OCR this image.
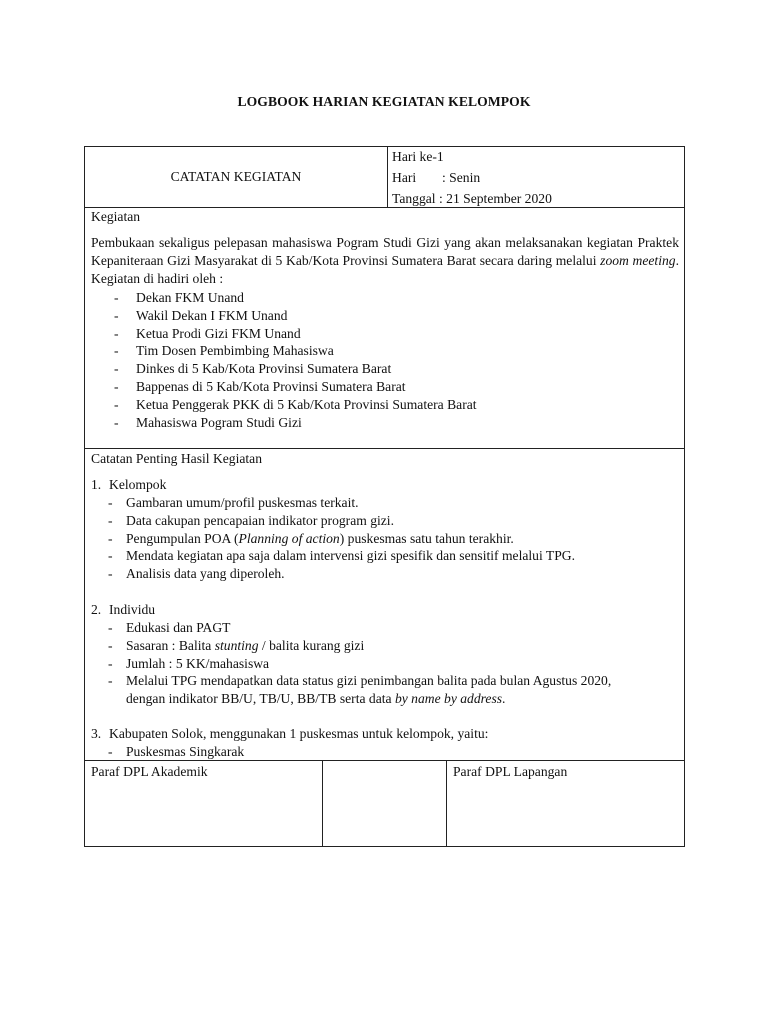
LOGBOOK HARIAN KEGIATAN KELOMPOK
CATATAN KEGIATAN
Hari ke-1
Hari : Senin
Tanggal : 21 September 2020
Kegiatan
Pembukaan sekaligus pelepasan mahasiswa Pogram Studi Gizi yang akan melaksanakan kegiatan Praktek Kepaniteraan Gizi Masyarakat di 5 Kab/Kota Provinsi Sumatera Barat secara daring melalui zoom meeting. Kegiatan di hadiri oleh :
- Dekan FKM Unand
- Wakil Dekan I FKM Unand
- Ketua Prodi Gizi FKM Unand
- Tim Dosen Pembimbing Mahasiswa
- Dinkes di 5 Kab/Kota Provinsi Sumatera Barat
- Bappenas di 5 Kab/Kota Provinsi Sumatera Barat
- Ketua Penggerak PKK di 5 Kab/Kota Provinsi Sumatera Barat
- Mahasiswa Pogram Studi Gizi
Catatan Penting Hasil Kegiatan
1. Kelompok
- Gambaran umum/profil puskesmas terkait.
- Data cakupan pencapaian indikator program gizi.
- Pengumpulan POA (Planning of action) puskesmas satu tahun terakhir.
- Mendata kegiatan apa saja dalam intervensi gizi spesifik dan sensitif melalui TPG.
- Analisis data yang diperoleh.
2. Individu
- Edukasi dan PAGT
- Sasaran : Balita stunting / balita kurang gizi
- Jumlah : 5 KK/mahasiswa
- Melalui TPG mendapatkan data status gizi penimbangan balita pada bulan Agustus 2020,
dengan indikator BB/U, TB/U, BB/TB serta data by name by address.
3. Kabupaten Solok, menggunakan 1 puskesmas untuk kelompok, yaitu:
- Puskesmas Singkarak
Paraf DPL Akademik	Paraf DPL Lapangan
